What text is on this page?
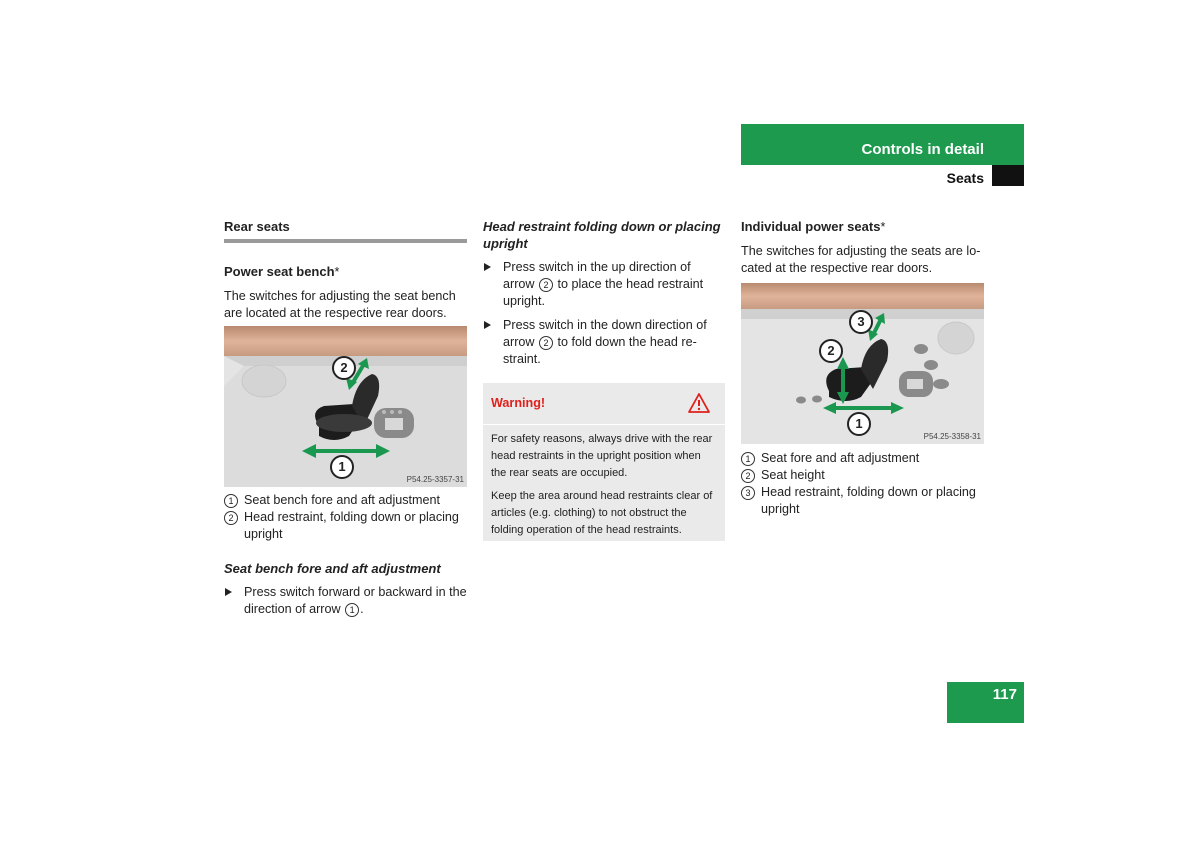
Controls in detail
Seats
Rear seats
Power seat bench*

The switches for adjusting the seat bench are located at the respective rear doors.

2
1
P54.25-3357-31
1 Seat bench fore and aft adjustment
2 Head restraint, folding down or placing upright
Seat bench fore and aft adjustment
Press switch forward or backward in the direction of arrow 1 .
Head restraint folding down or placing upright
Press switch in the up direction of arrow 2 to place the head restraint upright.
Press switch in the down direction of arrow 2 to fold down the head re-straint.
Warning!

For safety reasons, always drive with the rear head restraints in the upright position when the rear seats are occupied.

Keep the area around head restraints clear of articles (e.g. clothing) to not obstruct the folding operation of the head restraints.

Individual power seats*

The switches for adjusting the seats are lo-cated at the respective rear doors.

3
2
1
P54.25-3358-31
1 Seat fore and aft adjustment
2 Seat height
3 Head restraint, folding down or placing upright
117
